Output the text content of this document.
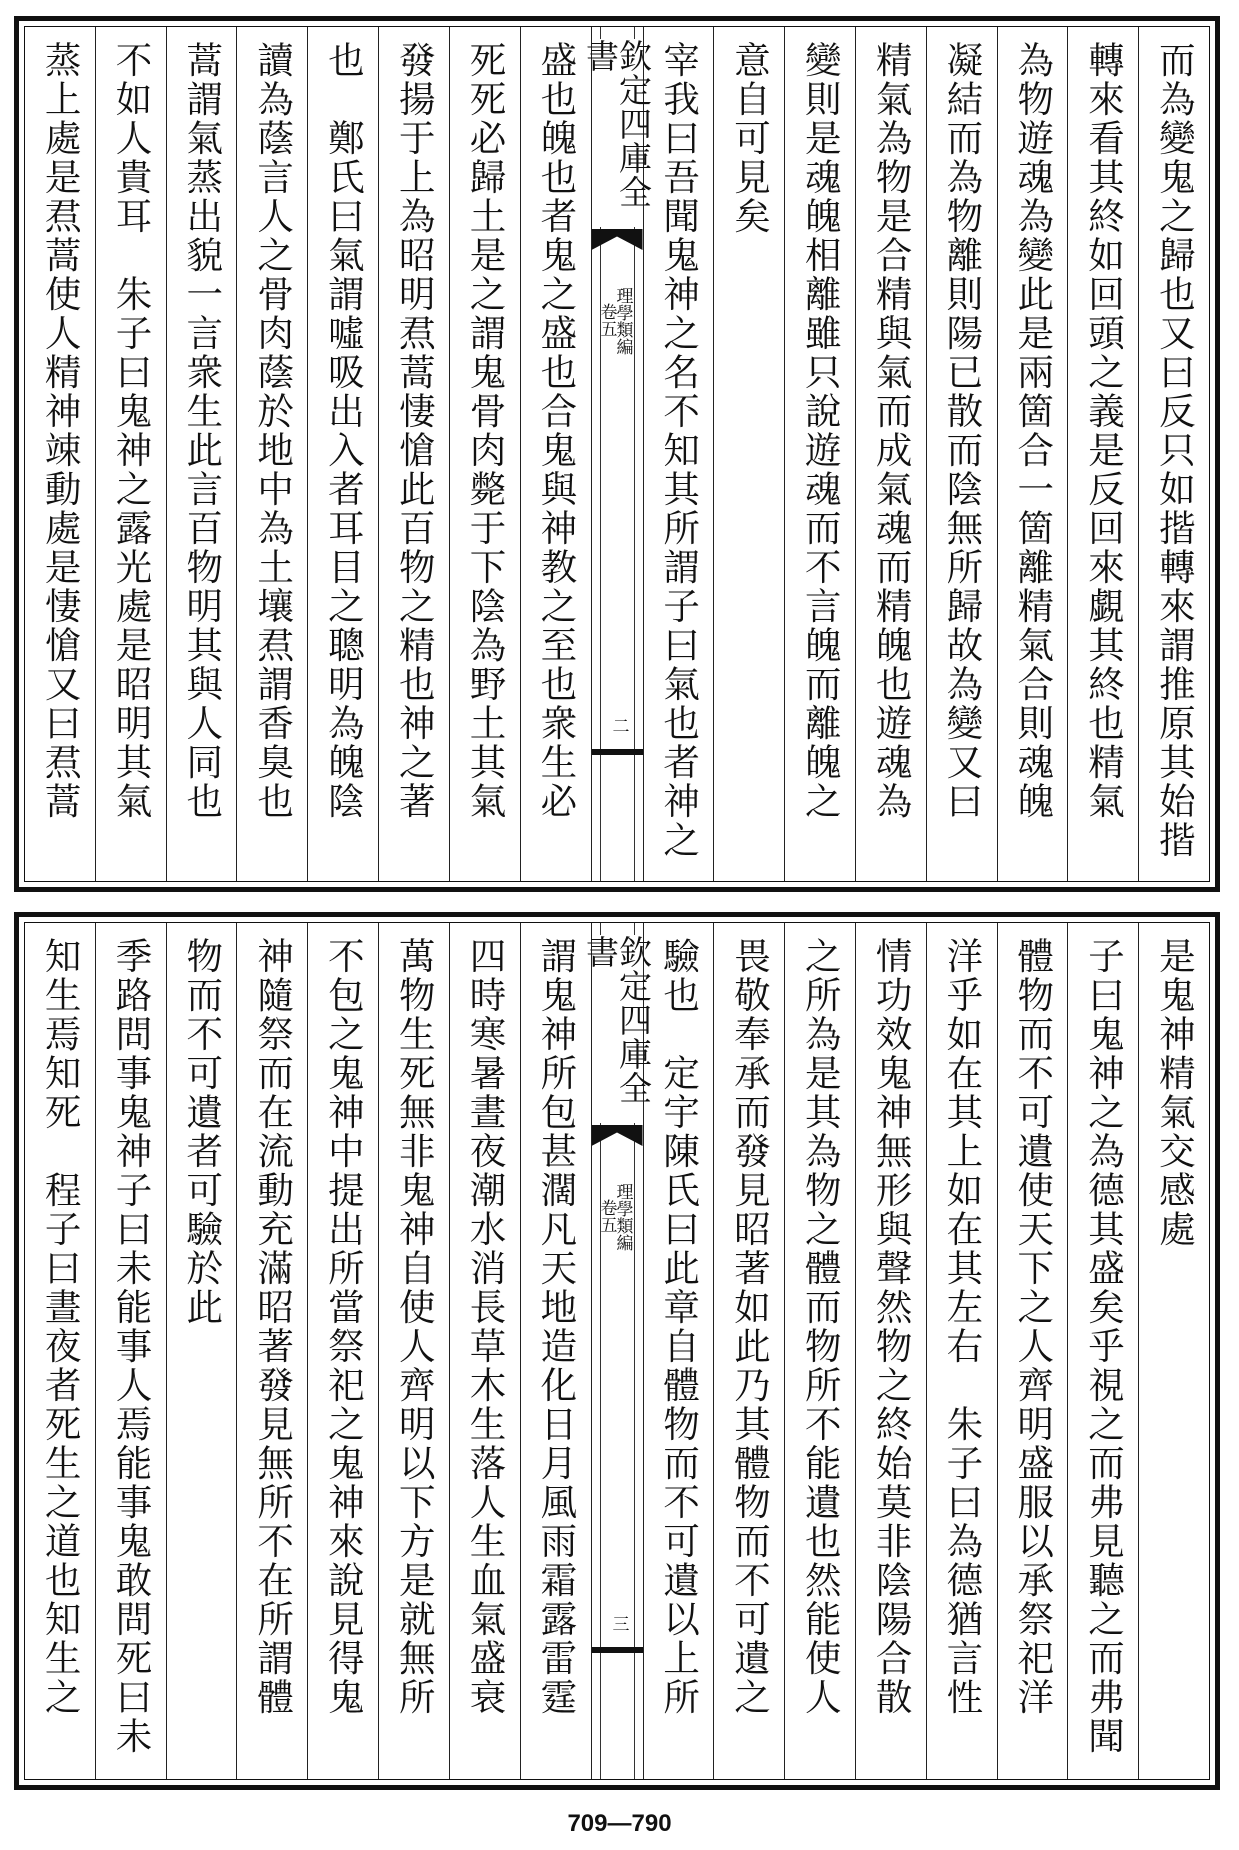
而為變鬼之歸也又曰反只如揩轉來謂推原其始揩
轉來看其終如回頭之義是反回來覷其終也精氣
為物遊魂為變此是兩箇合一箇離精氣合則魂魄
凝結而為物離則陽已散而陰無所歸故為變又曰
精氣為物是合精與氣而成氣魂而精魄也遊魂為
變則是魂魄相離雖只說遊魂而不言魄而離魄之
意自可見矣
宰我曰吾聞鬼神之名不知其所謂子曰氣也者神之
欽定四庫全書
理學類編
卷五
二
盛也魄也者鬼之盛也合鬼與神教之至也衆生必
死死必歸土是之謂鬼骨肉斃于下陰為野土其氣
發揚于上為昭明焄蒿悽愴此百物之精也神之著
也　鄭氏曰氣謂噓吸出入者耳目之聰明為魄陰
讀為蔭言人之骨肉蔭於地中為土壤焄謂香臭也
蒿謂氣蒸出貌一言衆生此言百物明其與人同也
不如人貴耳　朱子曰鬼神之露光處是昭明其氣
蒸上處是焄蒿使人精神竦動處是悽愴又曰焄蒿
是鬼神精氣交感處
子曰鬼神之為德其盛矣乎視之而弗見聽之而弗聞
體物而不可遺使天下之人齊明盛服以承祭祀洋
洋乎如在其上如在其左右　朱子曰為德猶言性
情功效鬼神無形與聲然物之終始莫非陰陽合散
之所為是其為物之體而物所不能遺也然能使人
畏敬奉承而發見昭著如此乃其體物而不可遺之
驗也　定宇陳氏曰此章自體物而不可遺以上所
欽定四庫全書
理學類編
卷五
三
謂鬼神所包甚濶凡天地造化日月風雨霜露雷霆
四時寒暑晝夜潮水消長草木生落人生血氣盛衰
萬物生死無非鬼神自使人齊明以下方是就無所
不包之鬼神中提出所當祭祀之鬼神來說見得鬼
神隨祭而在流動充滿昭著發見無所不在所謂體
物而不可遺者可驗於此
季路問事鬼神子曰未能事人焉能事鬼敢問死曰未
知生焉知死　程子曰晝夜者死生之道也知生之
709—790
